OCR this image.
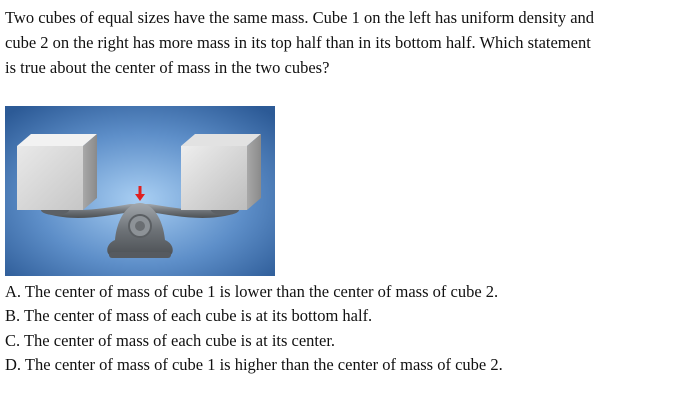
Two cubes of equal sizes have the same mass. Cube 1 on the left has uniform density and cube 2 on the right has more mass in its top half than in its bottom half. Which statement is true about the center of mass in the two cubes?

A. The center of mass of cube 1 is lower than the center of mass of cube 2.
B. The center of mass of each cube is at its bottom half.
C. The center of mass of each cube is at its center.
D. The center of mass of cube 1 is higher than the center of mass of cube 2.
